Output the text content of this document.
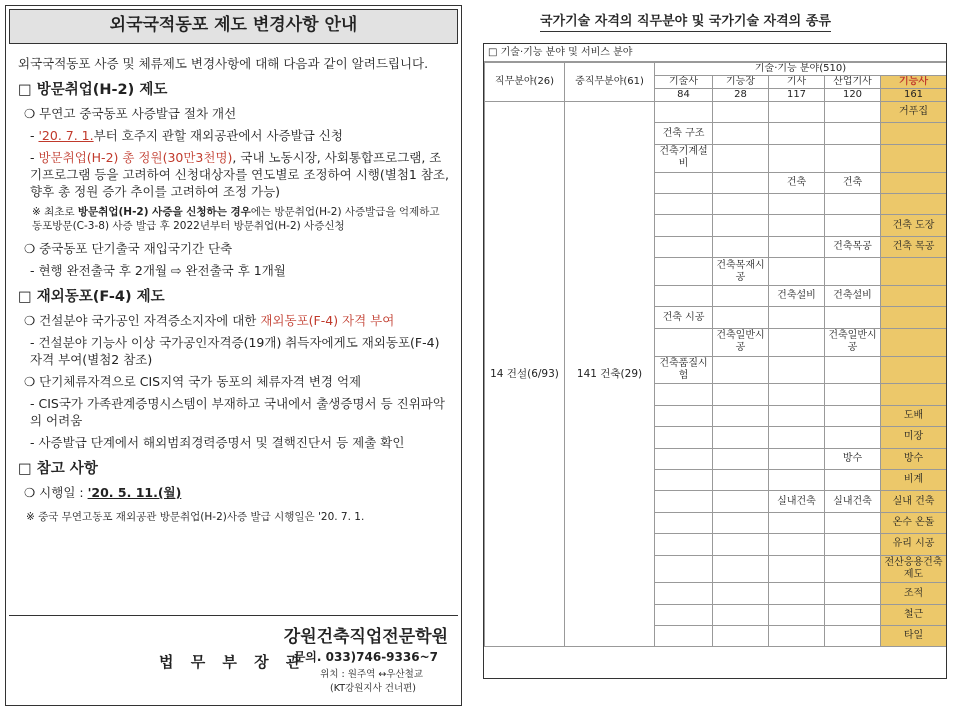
외국국적동포 제도 변경사항 안내

외국국적동포 사증 및 체류제도 변경사항에 대해 다음과 같이 알려드립니다.

□ 방문취업(H-2) 제도

❍ 무연고 중국동포 사증발급 절차 개선

- '20. 7. 1.부터 호주지 관할 재외공관에서 사증발급 신청

- 방문취업(H-2) 총 정원(30만3천명), 국내 노동시장, 사회통합프로그램, 조기프로그램 등을 고려하여 신청대상자를 연도별로 조정하여 시행(별첨1 참조, 향후 총 정원 증가 추이를 고려하여 조정 가능)

※ 최초로 방문취업(H-2) 사증을 신청하는 경우에는 방문취업(H-2) 사증발급을 억제하고 동포방문(C-3-8) 사증 발급 후 2022년부터 방문취업(H-2) 사증신청

❍ 중국동포 단기출국 재입국기간 단축

- 현행 완전출국 후 2개월 ⇨ 완전출국 후 1개월

□ 재외동포(F-4) 제도

❍ 건설분야 국가공인 자격증소지자에 대한 재외동포(F-4) 자격 부여

- 건설분야 기능사 이상 국가공인자격증(19개) 취득자에게도 재외동포(F-4) 자격 부여(별첨2 참조)

❍ 단기체류자격으로 CIS지역 국가 동포의 체류자격 변경 억제

- CIS국가 가족관계증명시스템이 부재하고 국내에서 출생증명서 등 진위파악의 어려움

- 사증발급 단계에서 해외범죄경력증명서 및 결핵진단서 등 제출 확인

□ 참고 사항

❍ 시행일 : '20. 5. 11.(월)

※ 중국 무연고동포 재외공관 방문취업(H-2)사증 발급 시행일은 '20. 7. 1.

법 무 부 장 관
강원건축직업전문학원
문의. 033)746-9336~7
위치 : 원주역 ↔우산철교
(KT강원지사 건너편)
국가기술 자격의 직무분야 및 국가기술 자격의 종류
□ 기술·기능 분야 및 서비스 분야
직무분야(26)	중직무분야(61)	기술·기능 분야(510)				
		기술사	기능장	기사	산업기사	기능사
		84	28	117	120	161
14 건설(6/93)	141 건축(29)					거푸집
		건축 구조				
		건축기계설비				
				건축	건축	

						건축 도장
					건축목공	건축 목공
			건축목재시공			
				건축설비	건축설비	
		건축 시공				
			건축일반시공		건축일반시공	
		건축품질시험				

						도배
						미장
					방수	방수
						비계
				실내건축	실내건축	실내 건축
						온수 온돌
						유리 시공
						전산응용건축제도
						조적
						철근
						타일
